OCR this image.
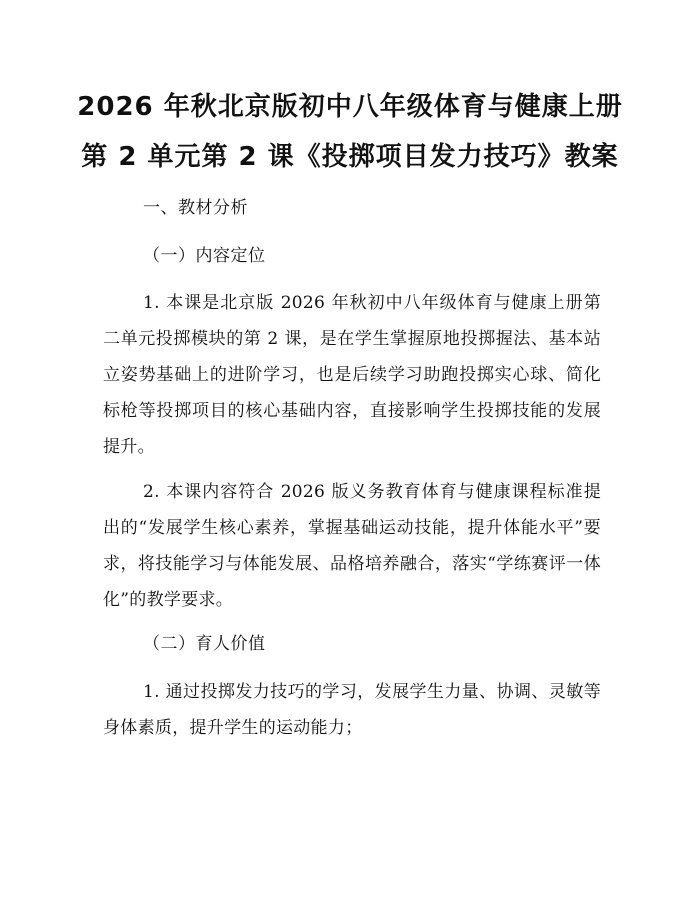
2026 年秋北京版初中八年级体育与健康上册
第 2 单元第 2 课《投掷项目发力技巧》教案
一、教材分析
（一）内容定位

1. 本课是北京版 2026 年秋初中八年级体育与健康上册第二单元投掷模块的第 2 课，是在学生掌握原地投掷握法、基本站立姿势基础上的进阶学习，也是后续学习助跑投掷实心球、简化标枪等投掷项目的核心基础内容，直接影响学生投掷技能的发展提升。

2. 本课内容符合 2026 版义务教育体育与健康课程标准提出的“发展学生核心素养，掌握基础运动技能，提升体能水平”要求，将技能学习与体能发展、品格培养融合，落实“学练赛评一体化”的教学要求。

（二）育人价值

1. 通过投掷发力技巧的学习，发展学生力量、协调、灵敏等身体素质，提升学生的运动能力；
